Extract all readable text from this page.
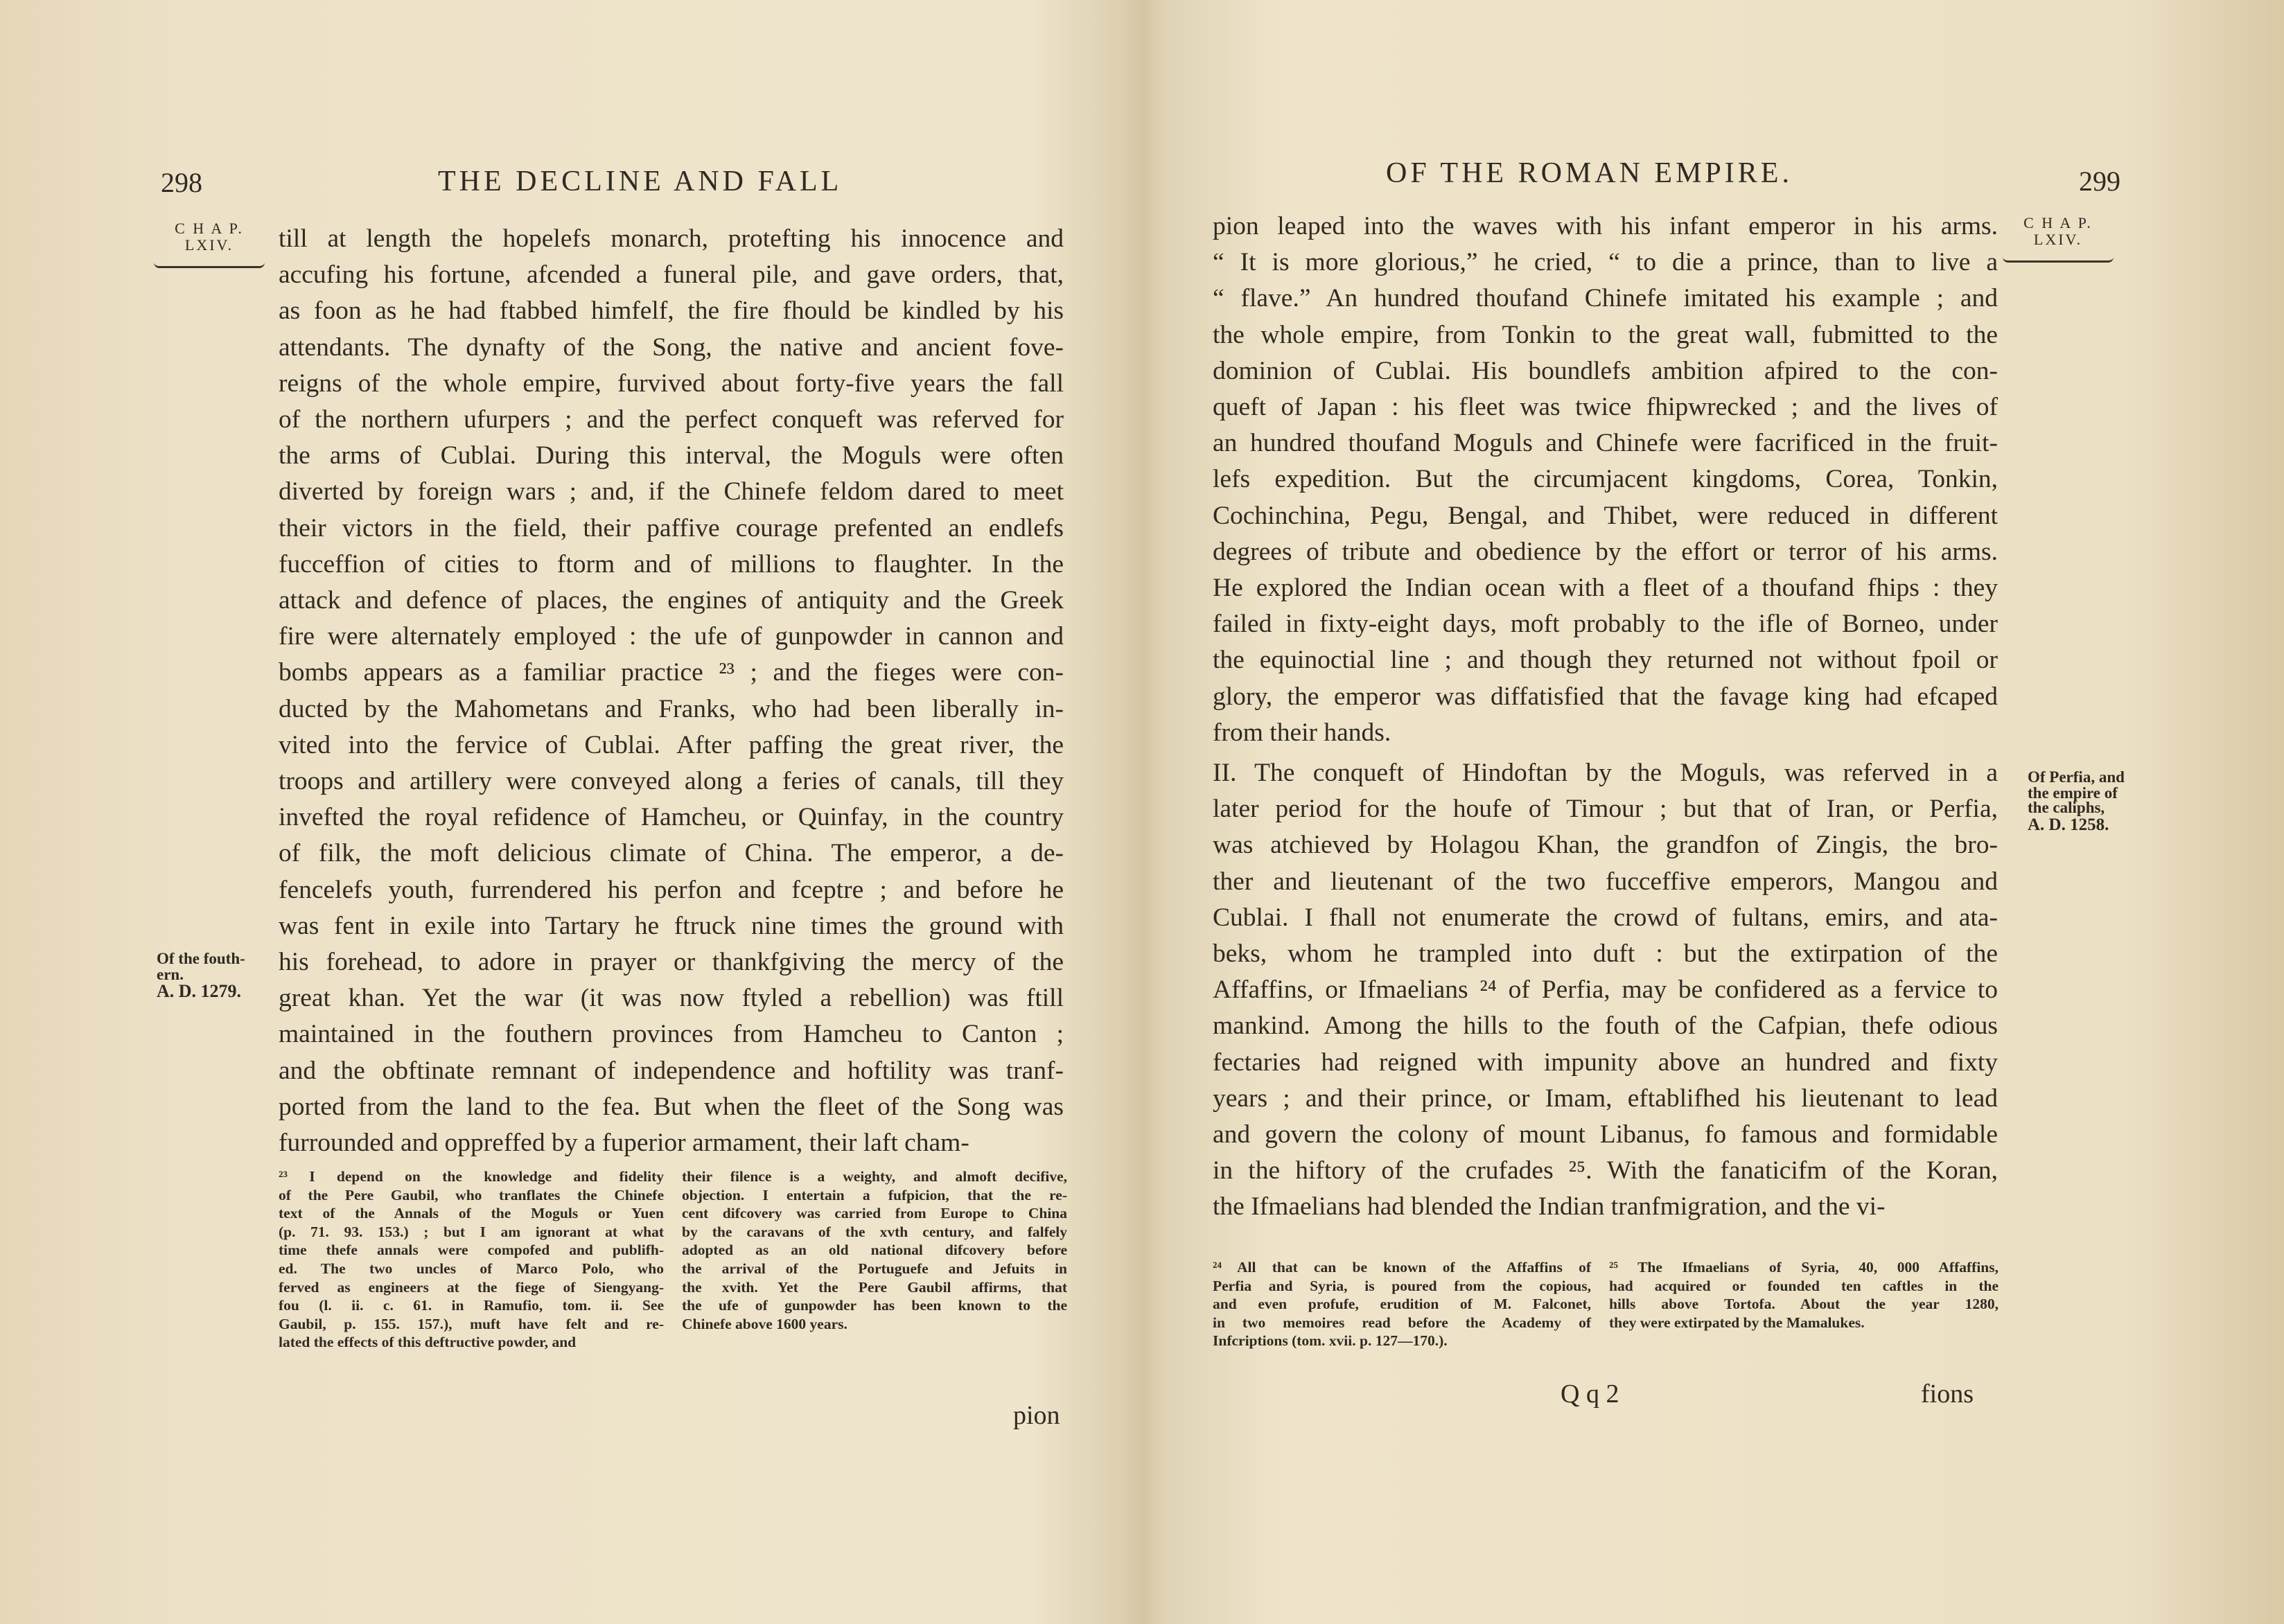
298	THE DECLINE AND FALL
C H A P.
LXIV.
Of the fouth-
ern.
A. D. 1279.

till at length the hopelefs monarch, protefting his innocence and

accufing his fortune, afcended a funeral pile, and gave orders, that,

as foon as he had ftabbed himfelf, the fire fhould be kindled by his

attendants. The dynafty of the Song, the native and ancient fove-

reigns of the whole empire, furvived about forty-five years the fall

of the northern ufurpers ; and the perfect conqueft was referved for

the arms of Cublai. During this interval, the Moguls were often

diverted by foreign wars ; and, if the Chinefe feldom dared to meet

their victors in the field, their paffive courage prefented an endlefs

fucceffion of cities to ftorm and of millions to flaughter. In the

attack and defence of places, the engines of antiquity and the Greek

fire were alternately employed : the ufe of gunpowder in cannon and

bombs appears as a familiar practice ²³ ; and the fieges were con-

ducted by the Mahometans and Franks, who had been liberally in-

vited into the fervice of Cublai. After paffing the great river, the

troops and artillery were conveyed along a feries of canals, till they

invefted the royal refidence of Hamcheu, or Quinfay, in the country

of filk, the moft delicious climate of China. The emperor, a de-

fencelefs youth, furrendered his perfon and fceptre ; and before he

was fent in exile into Tartary he ftruck nine times the ground with

his forehead, to adore in prayer or thankfgiving the mercy of the

great khan. Yet the war (it was now ftyled a rebellion) was ftill

maintained in the fouthern provinces from Hamcheu to Canton ;

and the obftinate remnant of independence and hoftility was tranf-

ported from the land to the fea. But when the fleet of the Song was

furrounded and oppreffed by a fuperior armament, their laft cham-

²³ I depend on the knowledge and fidelity

of the Pere Gaubil, who tranflates the Chinefe

text of the Annals of the Moguls or Yuen

(p. 71. 93. 153.) ; but I am ignorant at what

time thefe annals were compofed and publifh-

ed. The two uncles of Marco Polo, who

ferved as engineers at the fiege of Siengyang-

fou (l. ii. c. 61. in Ramufio, tom. ii. See

Gaubil, p. 155. 157.), muft have felt and re-

lated the effects of this deftructive powder, and

their filence is a weighty, and almoft decifive,

objection. I entertain a fufpicion, that the re-

cent difcovery was carried from Europe to China

by the caravans of the xvth century, and falfely

adopted as an old national difcovery before

the arrival of the Portuguefe and Jefuits in

the xvith. Yet the Pere Gaubil affirms, that

the ufe of gunpowder has been known to the

Chinefe above 1600 years.

pion
OF THE ROMAN EMPIRE.	299
C H A P.
LXIV.
Of Perfia, and
the empire of
the caliphs,
A. D. 1258.

pion leaped into the waves with his infant emperor in his arms.

“ It is more glorious,” he cried, “ to die a prince, than to live a

“ flave.” An hundred thoufand Chinefe imitated his example ; and

the whole empire, from Tonkin to the great wall, fubmitted to the

dominion of Cublai. His boundlefs ambition afpired to the con-

queft of Japan : his fleet was twice fhipwrecked ; and the lives of

an hundred thoufand Moguls and Chinefe were facrificed in the fruit-

lefs expedition. But the circumjacent kingdoms, Corea, Tonkin,

Cochinchina, Pegu, Bengal, and Thibet, were reduced in different

degrees of tribute and obedience by the effort or terror of his arms.

He explored the Indian ocean with a fleet of a thoufand fhips : they

failed in fixty-eight days, moft probably to the ifle of Borneo, under

the equinoctial line ; and though they returned not without fpoil or

glory, the emperor was diffatisfied that the favage king had efcaped

from their hands.

II. The conqueft of Hindoftan by the Moguls, was referved in a

later period for the houfe of Timour ; but that of Iran, or Perfia,

was atchieved by Holagou Khan, the grandfon of Zingis, the bro-

ther and lieutenant of the two fucceffive emperors, Mangou and

Cublai. I fhall not enumerate the crowd of fultans, emirs, and ata-

beks, whom he trampled into duft : but the extirpation of the

Affaffins, or Ifmaelians ²⁴ of Perfia, may be confidered as a fervice to

mankind. Among the hills to the fouth of the Cafpian, thefe odious

fectaries had reigned with impunity above an hundred and fixty

years ; and their prince, or Imam, eftablifhed his lieutenant to lead

and govern the colony of mount Libanus, fo famous and formidable

in the hiftory of the crufades ²⁵. With the fanaticifm of the Koran,

the Ifmaelians had blended the Indian tranfmigration, and the vi-

²⁴ All that can be known of the Affaffins of

Perfia and Syria, is poured from the copious,

and even profufe, erudition of M. Falconet,

in two memoires read before the Academy of

Infcriptions (tom. xvii. p. 127—170.).

²⁵ The Ifmaelians of Syria, 40, 000 Affaffins,

had acquired or founded ten caftles in the

hills above Tortofa. About the year 1280,

they were extirpated by the Mamalukes.

Q q 2	fions
